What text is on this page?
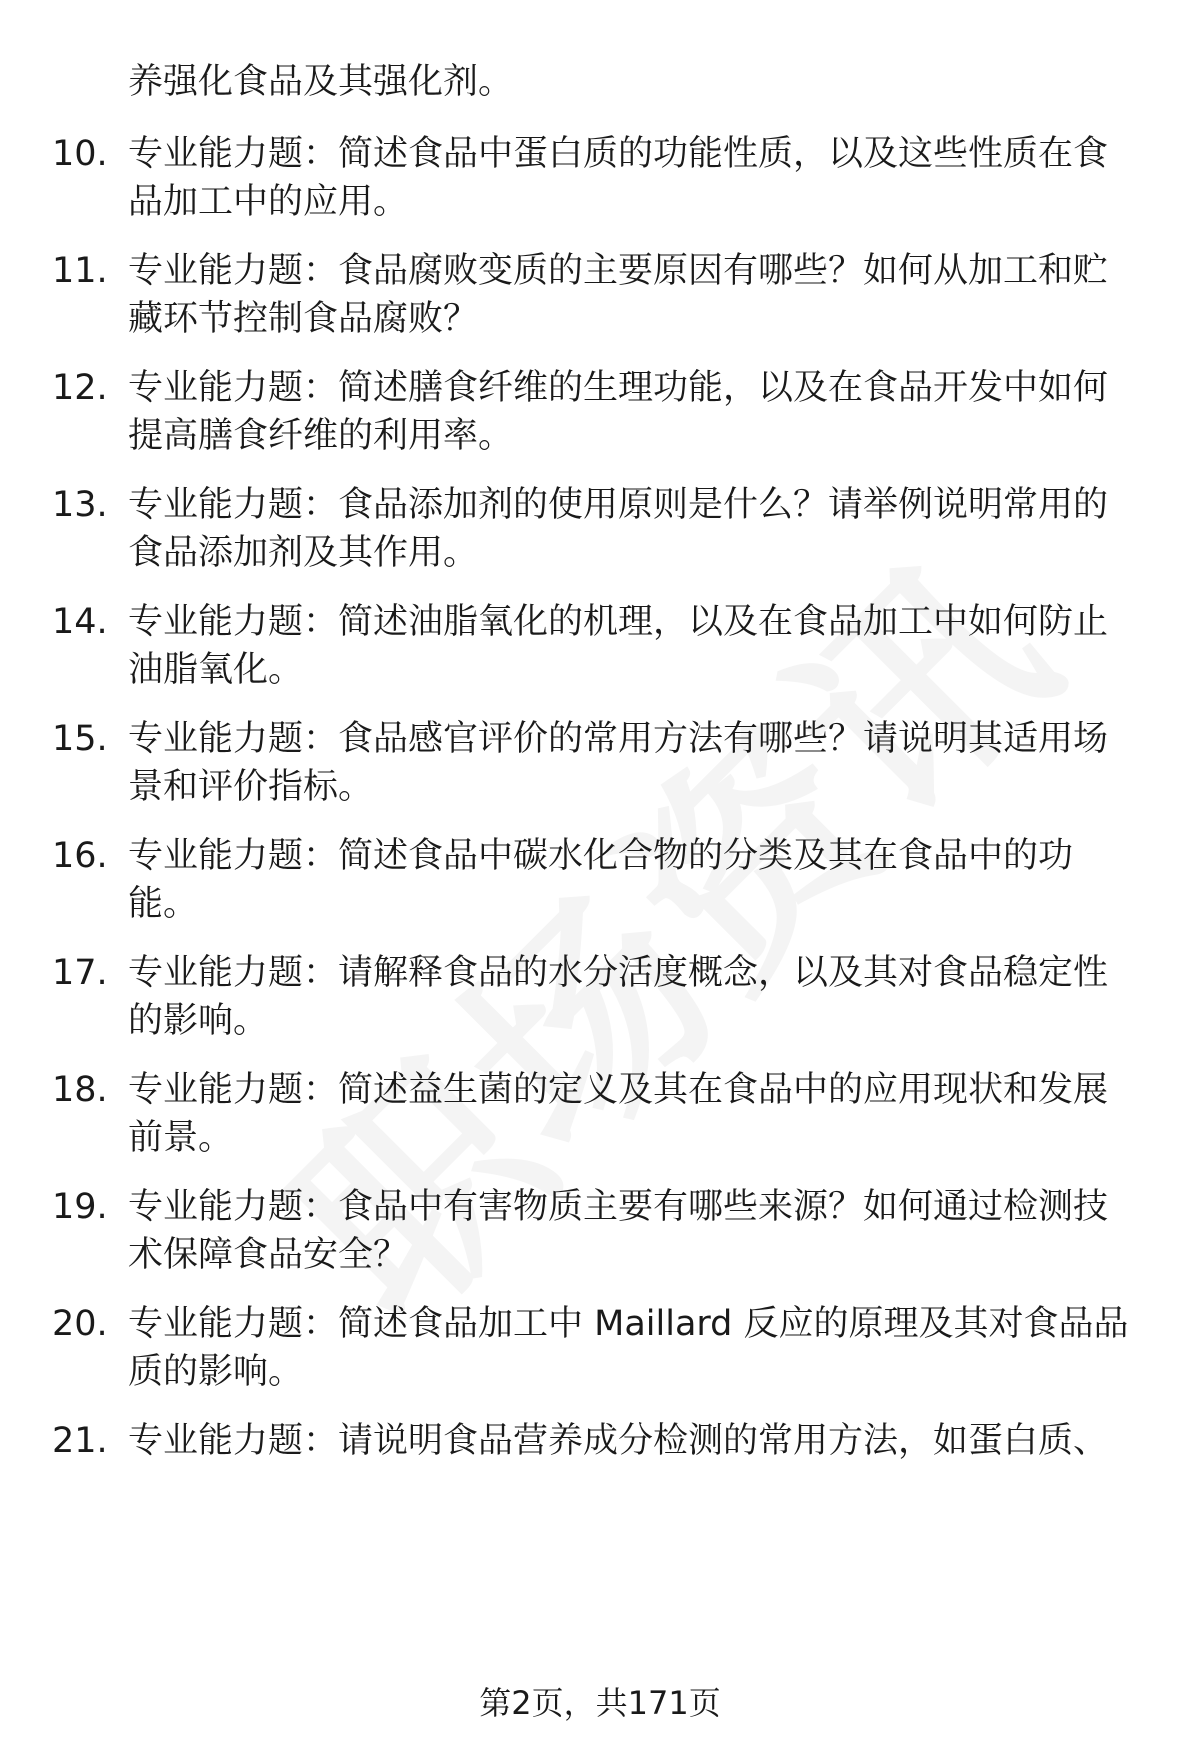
养强化食品及其强化剂。
10. 专业能力题：简述食品中蛋白质的功能性质，以及这些性质在食
品加工中的应用。
11. 专业能力题：食品腐败变质的主要原因有哪些？如何从加工和贮
藏环节控制食品腐败？
12. 专业能力题：简述膳食纤维的生理功能，以及在食品开发中如何
提高膳食纤维的利用率。
13. 专业能力题：食品添加剂的使用原则是什么？请举例说明常用的
食品添加剂及其作用。
14. 专业能力题：简述油脂氧化的机理，以及在食品加工中如何防止
油脂氧化。
15. 专业能力题：食品感官评价的常用方法有哪些？请说明其适用场
景和评价指标。
16. 专业能力题：简述食品中碳水化合物的分类及其在食品中的功
能。
17. 专业能力题：请解释食品的水分活度概念，以及其对食品稳定性
的影响。
18. 专业能力题：简述益生菌的定义及其在食品中的应用现状和发展
前景。
19. 专业能力题：食品中有害物质主要有哪些来源？如何通过检测技
术保障食品安全？
20. 专业能力题：简述食品加工中 Maillard 反应的原理及其对食品品
质的影响。
21. 专业能力题：请说明食品营养成分检测的常用方法，如蛋白质、
第2页，共171页
